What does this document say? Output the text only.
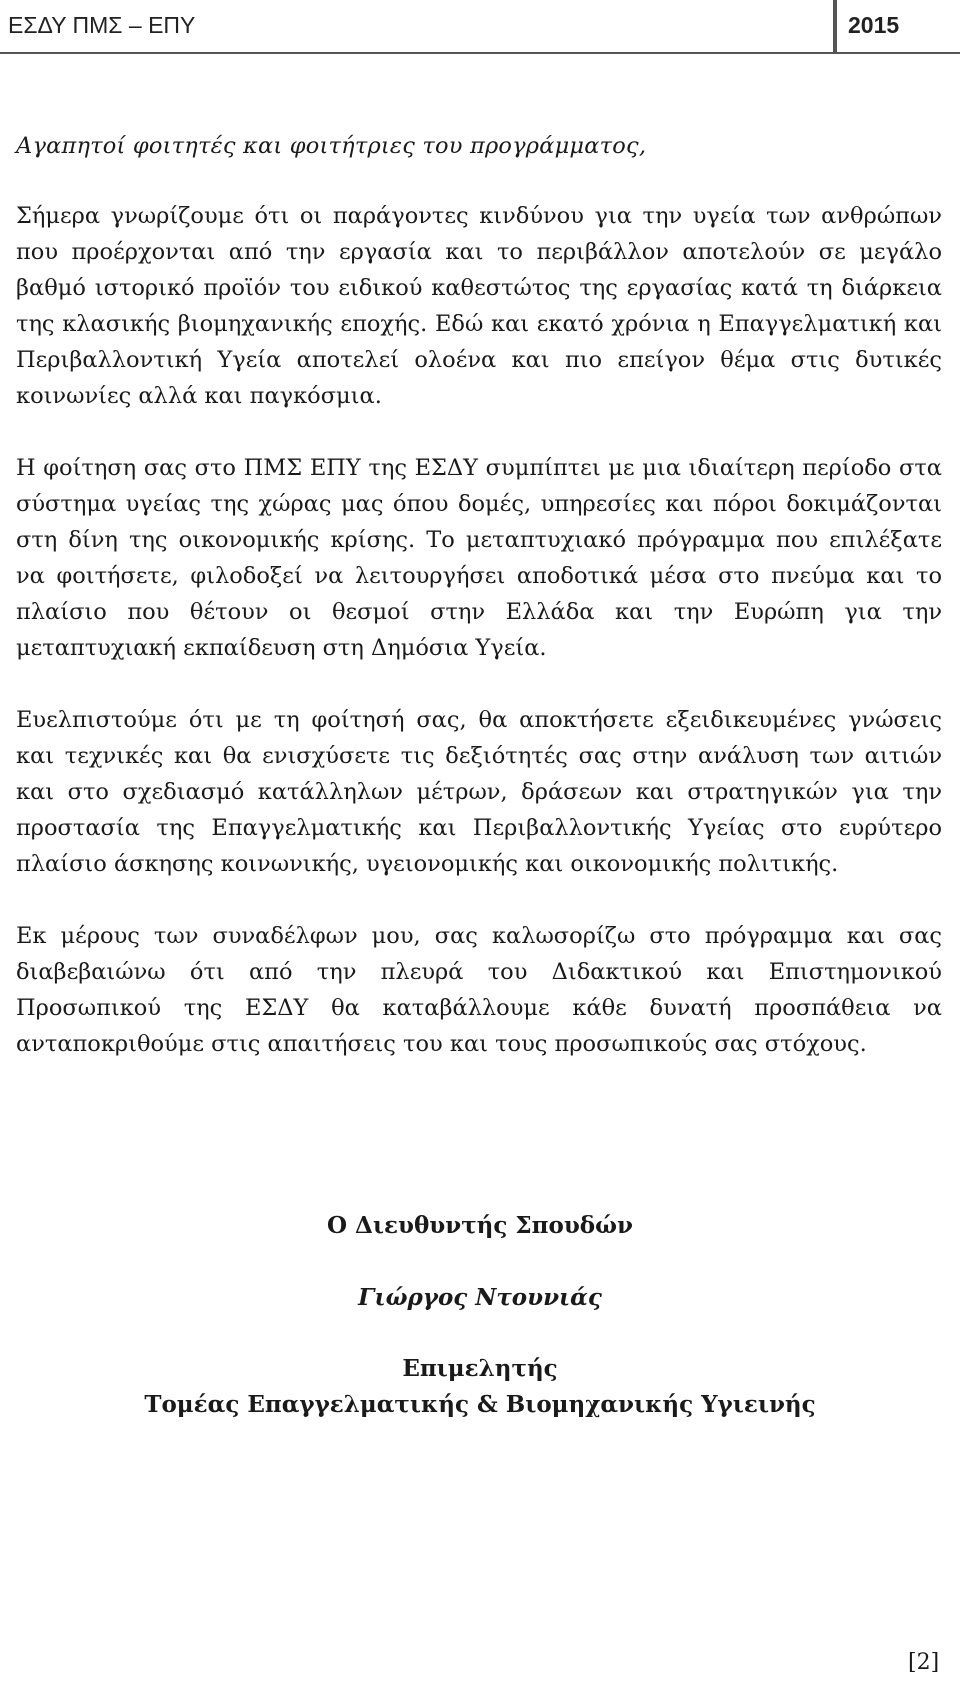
ΕΣΔΥ ΠΜΣ – ΕΠΥ	2015

Αγαπητοί φοιτητές και φοιτήτριες του προγράμματος,

Σήμερα γνωρίζουμε ότι οι παράγοντες κινδύνου για την υγεία των ανθρώπων που προέρχονται από την εργασία και το περιβάλλον αποτελούν σε μεγάλο βαθμό ιστορικό προϊόν του ειδικού καθεστώτος της εργασίας κατά τη διάρκεια της κλασικής βιομηχανικής εποχής. Εδώ και εκατό χρόνια η Επαγγελματική και Περιβαλλοντική Υγεία αποτελεί ολοένα και πιο επείγον θέμα στις δυτικές κοινωνίες αλλά και παγκόσμια.

Η φοίτηση σας στο ΠΜΣ ΕΠΥ της ΕΣΔΥ συμπίπτει με μια ιδιαίτερη περίοδο στα σύστημα υγείας της χώρας μας όπου δομές, υπηρεσίες και πόροι δοκιμάζονται στη δίνη της οικονομικής κρίσης. Το μεταπτυχιακό πρόγραμμα που επιλέξατε να φοιτήσετε, φιλοδοξεί να λειτουργήσει αποδοτικά μέσα στο πνεύμα και το πλαίσιο που θέτουν οι θεσμοί στην Ελλάδα και την Ευρώπη για την μεταπτυχιακή εκπαίδευση στη Δημόσια Υγεία.

Ευελπιστούμε ότι με τη φοίτησή σας, θα αποκτήσετε εξειδικευμένες γνώσεις και τεχνικές και θα ενισχύσετε τις δεξιότητές σας στην ανάλυση των αιτιών και στο σχεδιασμό κατάλληλων μέτρων, δράσεων και στρατηγικών για την προστασία της Επαγγελματικής και Περιβαλλοντικής Υγείας στο ευρύτερο πλαίσιο άσκησης κοινωνικής, υγειονομικής και οικονομικής πολιτικής.

Εκ μέρους των συναδέλφων μου, σας καλωσορίζω στο πρόγραμμα και σας διαβεβαιώνω ότι από την πλευρά του Διδακτικού και Επιστημονικού Προσωπικού της ΕΣΔΥ θα καταβάλλουμε κάθε δυνατή προσπάθεια να ανταποκριθούμε στις απαιτήσεις του και τους προσωπικούς σας στόχους.

Ο Διευθυντής Σπουδών
Γιώργος Ντουνιάς
Επιμελητής
Τομέας Επαγγελματικής & Βιομηχανικής Υγιεινής
[2]
